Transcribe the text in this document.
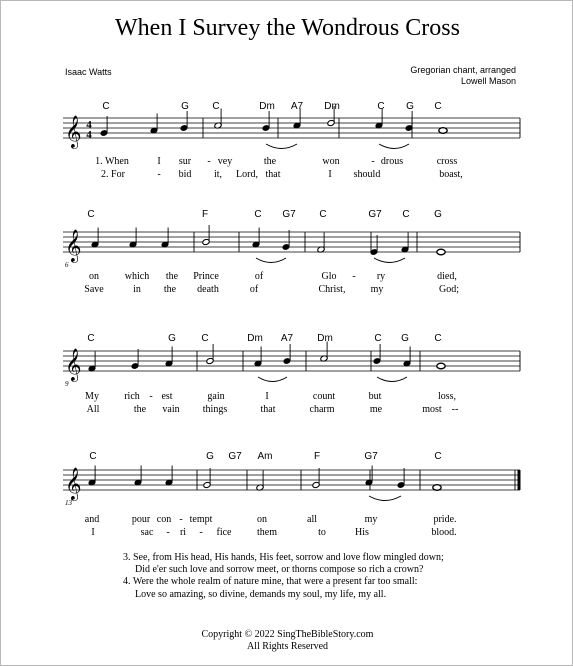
When I Survey the Wondrous Cross
Isaac Watts	Gregorian chant, arranged
Lowell Mason
𝄞 4
4
C	G C	Dm A7 Dm	C G C
1. When	I sur - vey	the	won	- drous	cross
2. For	- bid it, Lord, that	I should	boast,
𝄞
6
C	F	C G7 C	G7 C G
on	which the Prince	of	Glo - ry	died,
Save	in the death	of	Christ,	my	God;
𝄞
9
C	G	C	Dm A7 Dm	C G	C
My	rich - est	gain	I	count	but	loss,
All	the vain things	that	charm	me	most --
𝄞
13
C	G G7 Am	F	G7	C
and	pour con - tempt	on	all	my	pride.
I	sac - ri - fice	them	to	His	blood.
3. See, from His head, His hands, His feet, sorrow and love flow mingled down;
Did e'er such love and sorrow meet, or thorns compose so rich a crown?
4. Were the whole realm of nature mine, that were a present far too small:
Love so amazing, so divine, demands my soul, my life, my all.
Copyright © 2022 SingTheBibleStory.com
All Rights Reserved
